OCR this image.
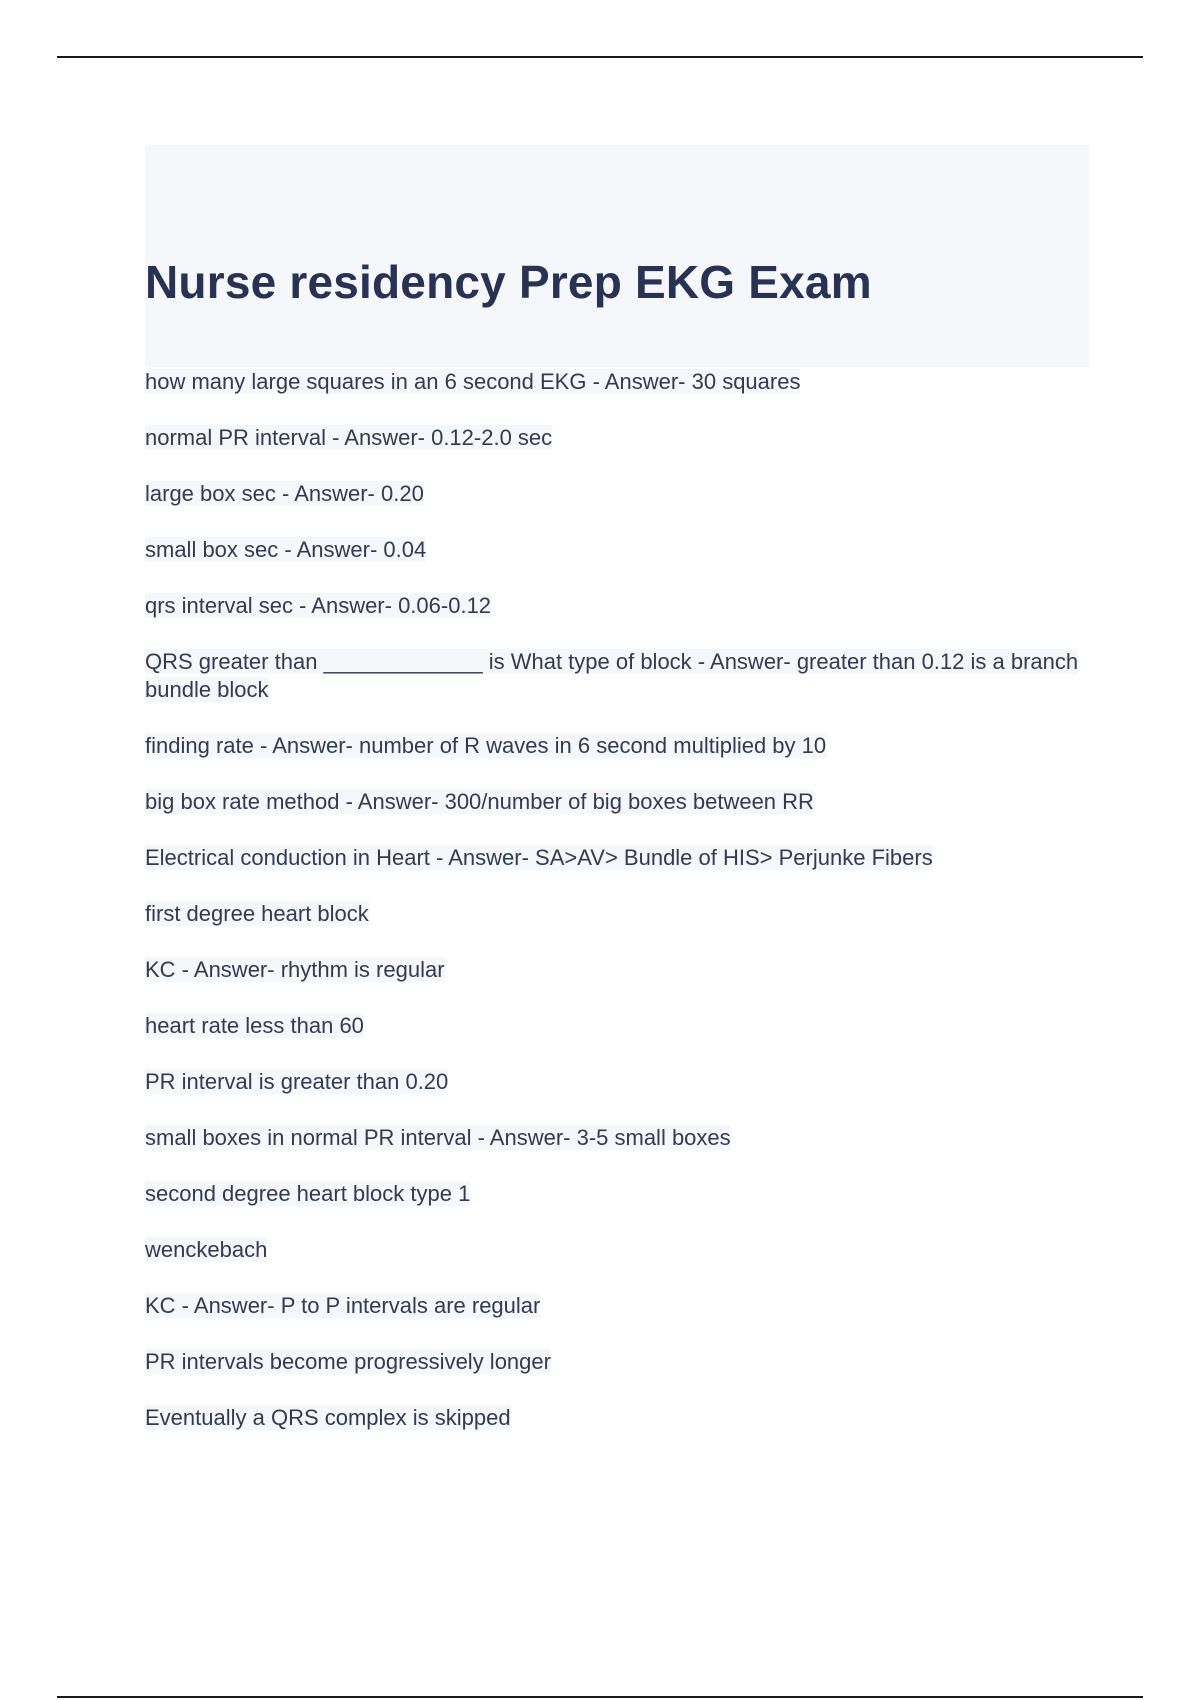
Nurse residency Prep EKG Exam
how many large squares in an 6 second EKG - Answer- 30 squares
normal PR interval - Answer- 0.12-2.0 sec
large box sec - Answer- 0.20
small box sec - Answer- 0.04
qrs interval sec - Answer- 0.06-0.12
QRS greater than _____________ is What type of block - Answer- greater than 0.12 is a branch bundle block
finding rate - Answer- number of R waves in 6 second multiplied by 10
big box rate method - Answer- 300/number of big boxes between RR
Electrical conduction in Heart - Answer- SA>AV> Bundle of HIS> Perjunke Fibers
first degree heart block
KC - Answer- rhythm is regular
heart rate less than 60
PR interval is greater than 0.20
small boxes in normal PR interval - Answer- 3-5 small boxes
second degree heart block type 1
wenckebach
KC - Answer- P to P intervals are regular
PR intervals become progressively longer
Eventually a QRS complex is skipped
